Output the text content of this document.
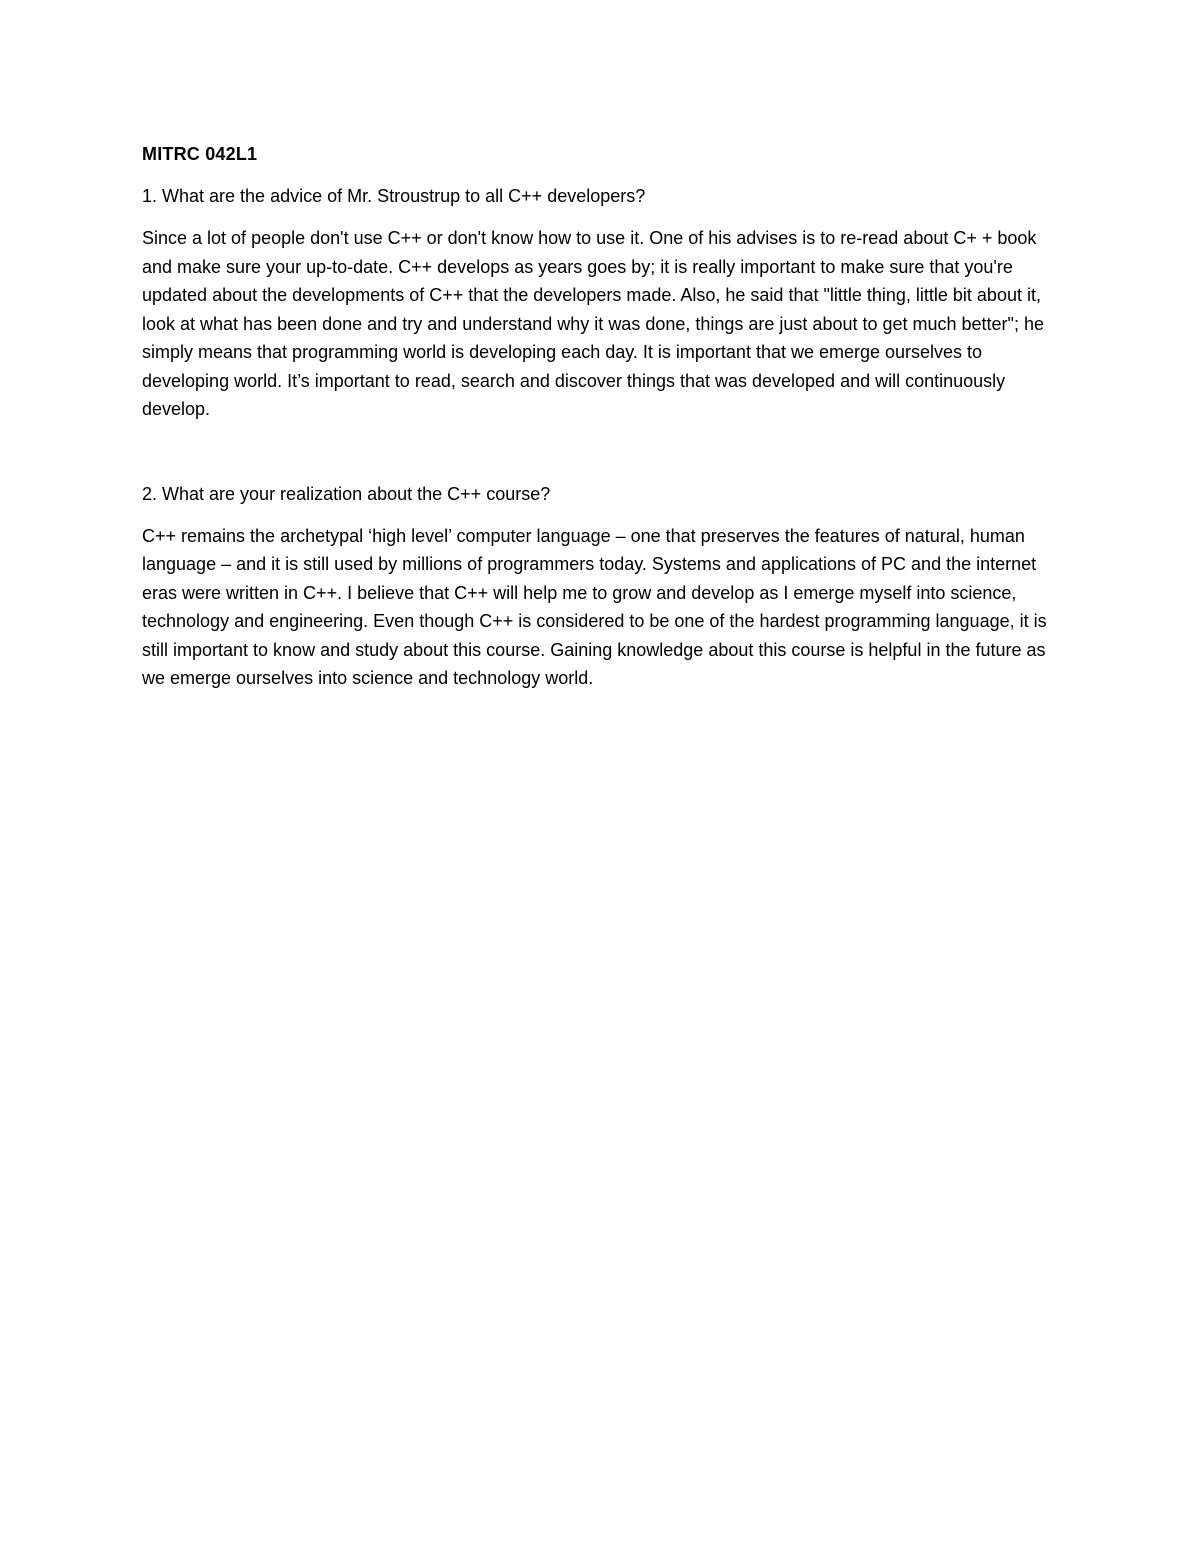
MITRC 042L1
1. What are the advice of Mr. Stroustrup to all C++ developers?

Since a lot of people don't use C++ or don't know how to use it. One of his advises is to re-read about C+ + book and make sure your up-to-date. C++ develops as years goes by; it is really important to make sure that you're updated about the developments of C++ that the developers made. Also, he said that "little thing, little bit about it, look at what has been done and try and understand why it was done, things are just about to get much better"; he simply means that programming world is developing each day. It is important that we emerge ourselves to developing world. It’s important to read, search and discover things that was developed and will continuously develop.

2. What are your realization about the C++ course?

C++ remains the archetypal ‘high level’ computer language – one that preserves the features of natural, human language – and it is still used by millions of programmers today. Systems and applications of PC and the internet eras were written in C++. I believe that C++ will help me to grow and develop as I emerge myself into science, technology and engineering. Even though C++ is considered to be one of the hardest programming language, it is still important to know and study about this course. Gaining knowledge about this course is helpful in the future as we emerge ourselves into science and technology world.
